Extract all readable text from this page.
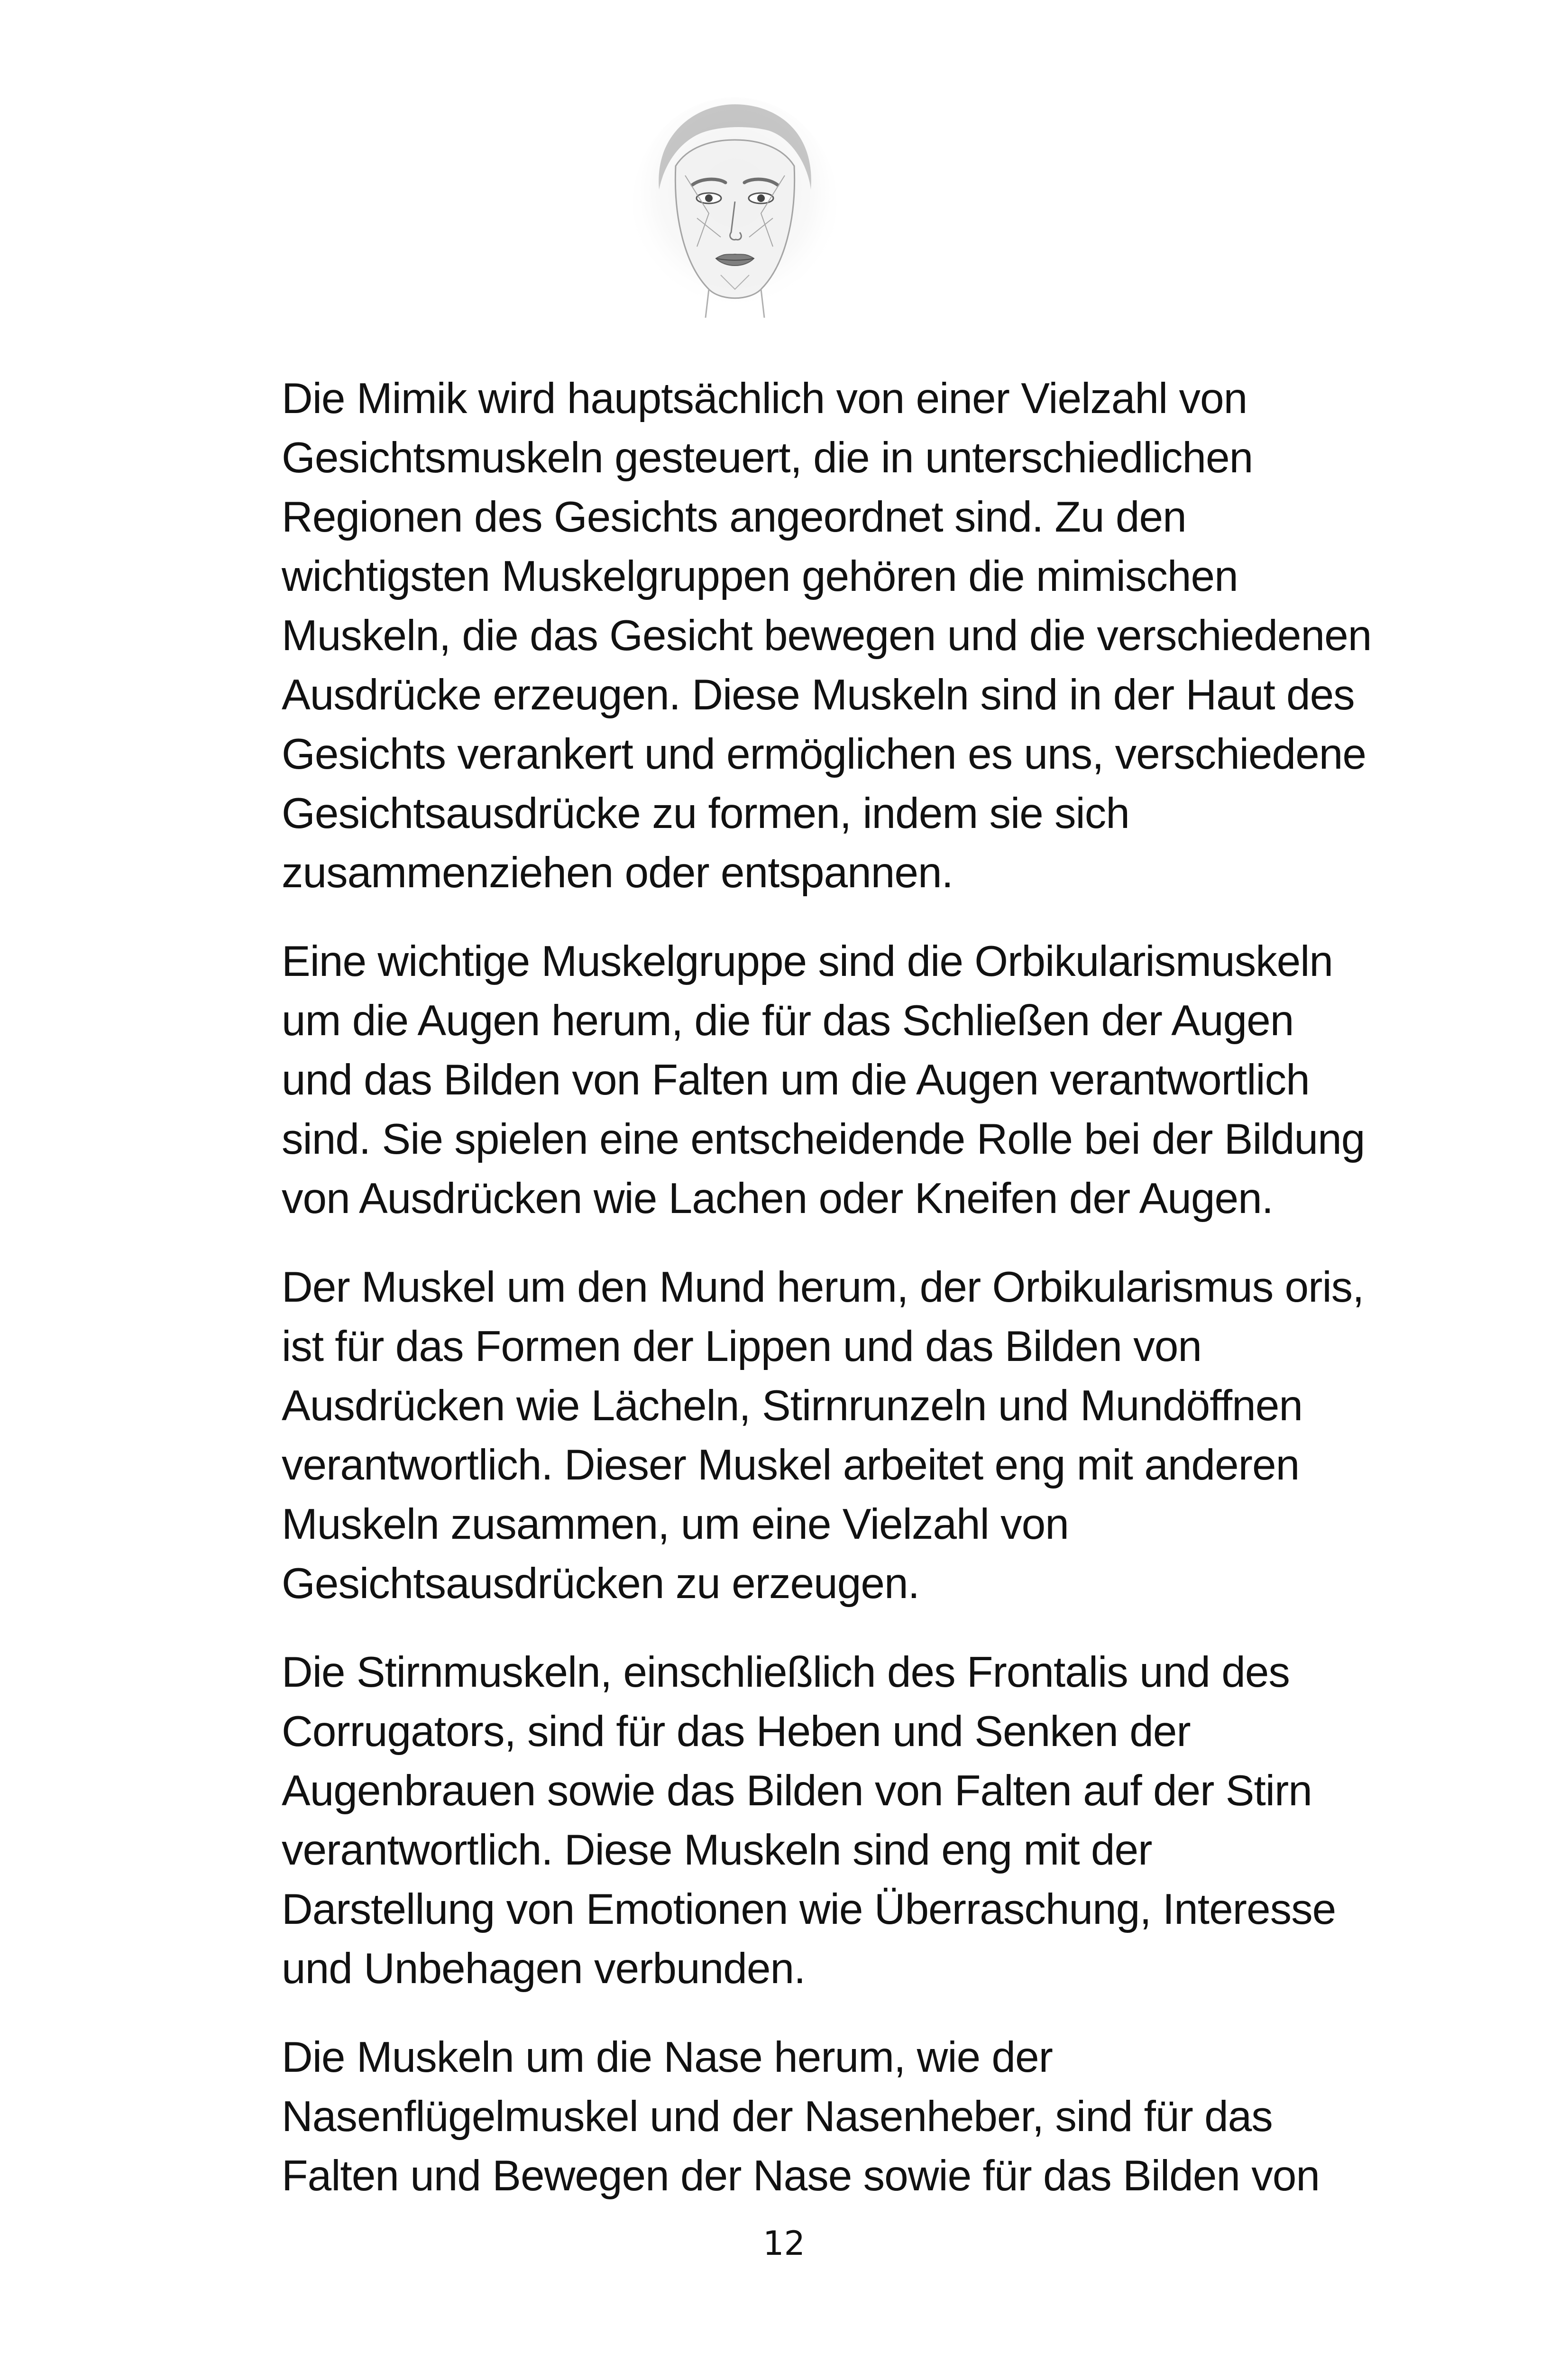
Die Mimik wird hauptsächlich von einer Vielzahl von
Gesichtsmuskeln gesteuert, die in unterschiedlichen
Regionen des Gesichts angeordnet sind. Zu den
wichtigsten Muskelgruppen gehören die mimischen
Muskeln, die das Gesicht bewegen und die verschiedenen
Ausdrücke erzeugen. Diese Muskeln sind in der Haut des
Gesichts verankert und ermöglichen es uns, verschiedene
Gesichtsausdrücke zu formen, indem sie sich
zusammenziehen oder entspannen.
Eine wichtige Muskelgruppe sind die Orbikularismuskeln
um die Augen herum, die für das Schließen der Augen
und das Bilden von Falten um die Augen verantwortlich
sind. Sie spielen eine entscheidende Rolle bei der Bildung
von Ausdrücken wie Lachen oder Kneifen der Augen.
Der Muskel um den Mund herum, der Orbikularismus oris,
ist für das Formen der Lippen und das Bilden von
Ausdrücken wie Lächeln, Stirnrunzeln und Mundöffnen
verantwortlich. Dieser Muskel arbeitet eng mit anderen
Muskeln zusammen, um eine Vielzahl von
Gesichtsausdrücken zu erzeugen.
Die Stirnmuskeln, einschließlich des Frontalis und des
Corrugators, sind für das Heben und Senken der
Augenbrauen sowie das Bilden von Falten auf der Stirn
verantwortlich. Diese Muskeln sind eng mit der
Darstellung von Emotionen wie Überraschung, Interesse
und Unbehagen verbunden.
Die Muskeln um die Nase herum, wie der
Nasenflügelmuskel und der Nasenheber, sind für das
Falten und Bewegen der Nase sowie für das Bilden von
12
